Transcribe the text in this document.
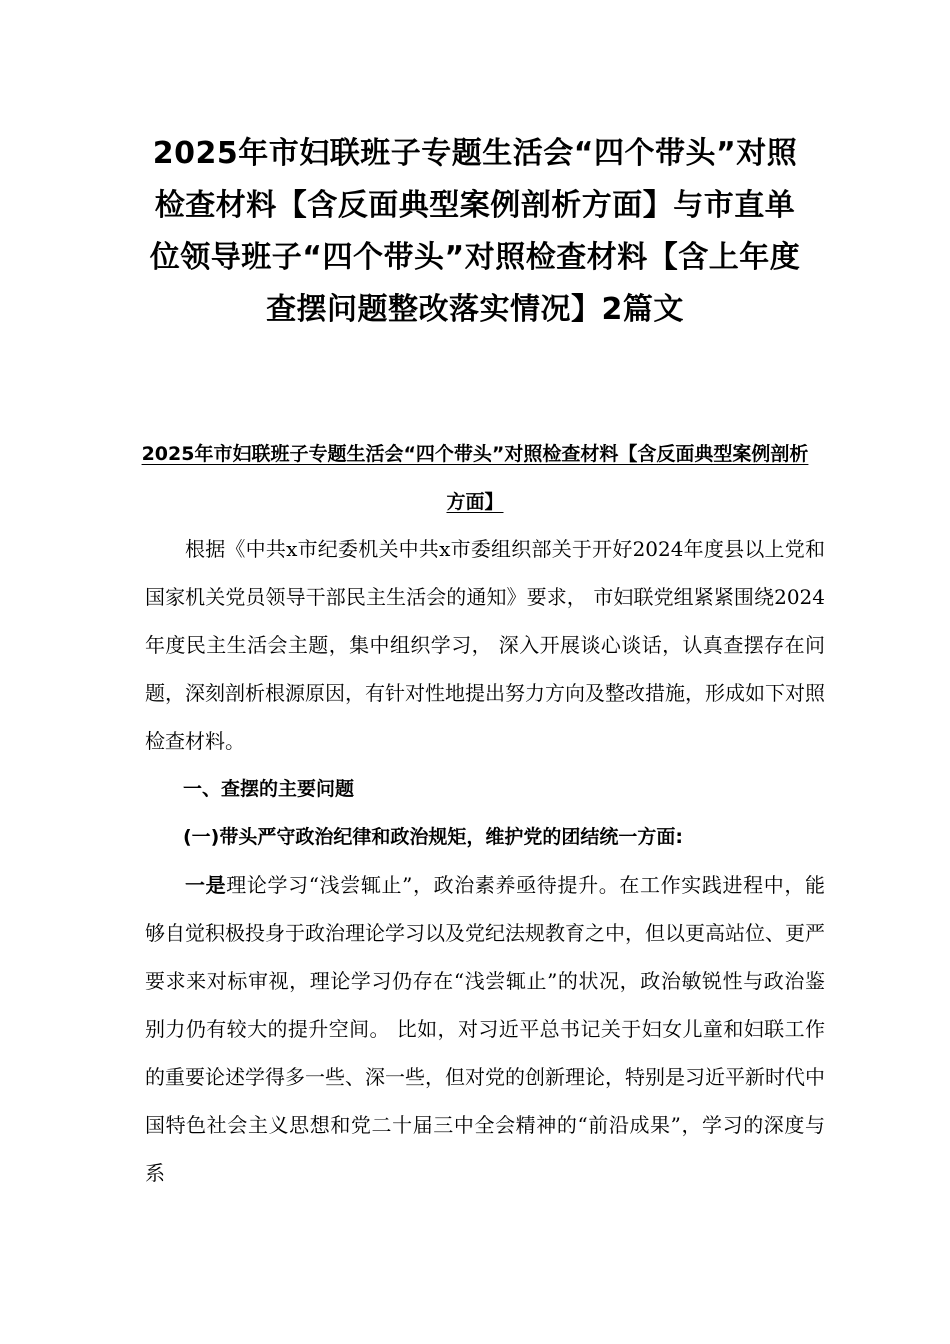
2025年市妇联班子专题生活会“四个带头”对照检查材料【含反面典型案例剖析方面】与市直单位领导班子“四个带头”对照检查材料【含上年度查摆问题整改落实情况】2篇文
2025年市妇联班子专题生活会“四个带头”对照检查材料【含反面典型案例剖析方面】

根据《中共x市纪委机关中共x市委组织部关于开好2024年度县以上党和国家机关党员领导干部民主生活会的通知》要求， 市妇联党组紧紧围绕2024年度民主生活会主题，集中组织学习， 深入开展谈心谈话，认真查摆存在问题，深刻剖析根源原因，有针对性地提出努力方向及整改措施，形成如下对照检查材料。

一、查摆的主要问题

(一)带头严守政治纪律和政治规矩，维护党的团结统一方面:

一是理论学习“浅尝辄止”，政治素养亟待提升。在工作实践进程中，能够自觉积极投身于政治理论学习以及党纪法规教育之中，但以更高站位、更严要求来对标审视，理论学习仍存在“浅尝辄止”的状况，政治敏锐性与政治鉴别力仍有较大的提升空间。 比如，对习近平总书记关于妇女儿童和妇联工作的重要论述学得多一些、深一些，但对党的创新理论，特别是习近平新时代中国特色社会主义思想和党二十届三中全会精神的“前沿成果”，学习的深度与系
